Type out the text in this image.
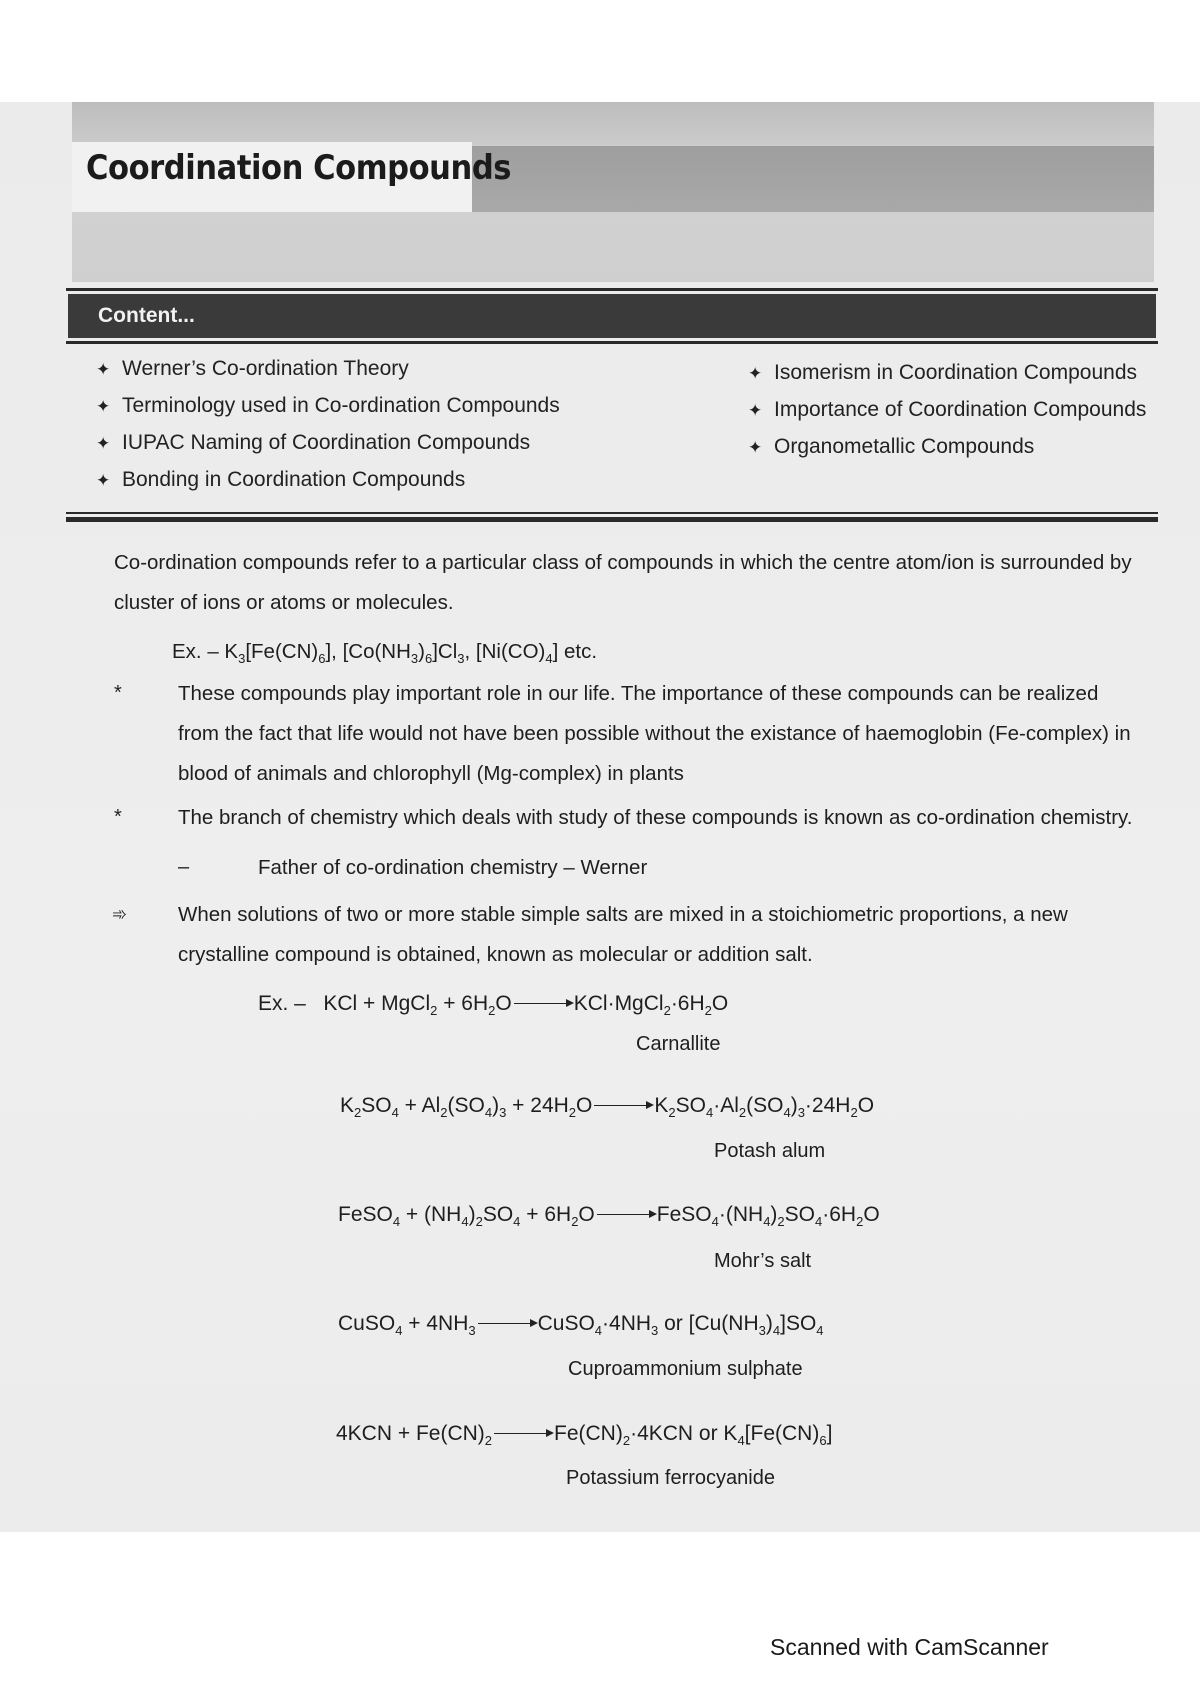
Coordination Compounds
Content...
✦ Werner’s Co-ordination Theory
✦ Terminology used in Co-ordination Compounds
✦ IUPAC Naming of Coordination Compounds
✦ Bonding in Coordination Compounds
✦ Isomerism in Coordination Compounds
✦ Importance of Coordination Compounds
✦ Organometallic Compounds

Co-ordination compounds refer to a particular class of compounds in which the centre atom/ion is surrounded by cluster of ions or atoms or molecules.

Ex. – $K_3[Fe(CN)_6]$, $[Co(NH_3)_6]Cl_3$, $[Ni(CO)_4]$ etc.
*	These compounds play important role in our life. The importance of these compounds can be realized from the fact that life would not have been possible without the existance of haemoglobin (Fe-complex) in blood of animals and chlorophyll (Mg-complex) in plants

*	The branch of chemistry which deals with study of these compounds is known as co-ordination chemistry.

–	Father of co-ordination chemistry – Werner

➾ When solutions of two or more stable simple salts are mixed in a stoichiometric proportions, a new crystalline compound is obtained, known as molecular or addition salt.

Ex. –   KCl + MgCl$_2$ + $6H_2O$	$KCl\cdot MgCl_2\cdot 6H_2O$
Carnallite
$K_2SO_4 + Al_2(SO_4)_3 + 24H_2O$	$K_2SO_4\cdot Al_2(SO_4)_3\cdot 24H_2O$
Potash alum
FeSO$_4$ + $(NH_4)_2SO_4 + 6H_2O$	$FeSO_4\cdot(NH_4)_2SO_4\cdot 6H_2O$
Mohr’s salt
CuSO$_4$ + $4NH_3$	$CuSO_4\cdot 4NH_3$ or $[Cu(NH_3)_4]SO_4$
Cuproammonium sulphate
$4KCN + Fe(CN)_2$	$Fe(CN)_2\cdot 4KCN$ or $K_4[Fe(CN)_6]$
Potassium ferrocyanide
Scanned with CamScanner
